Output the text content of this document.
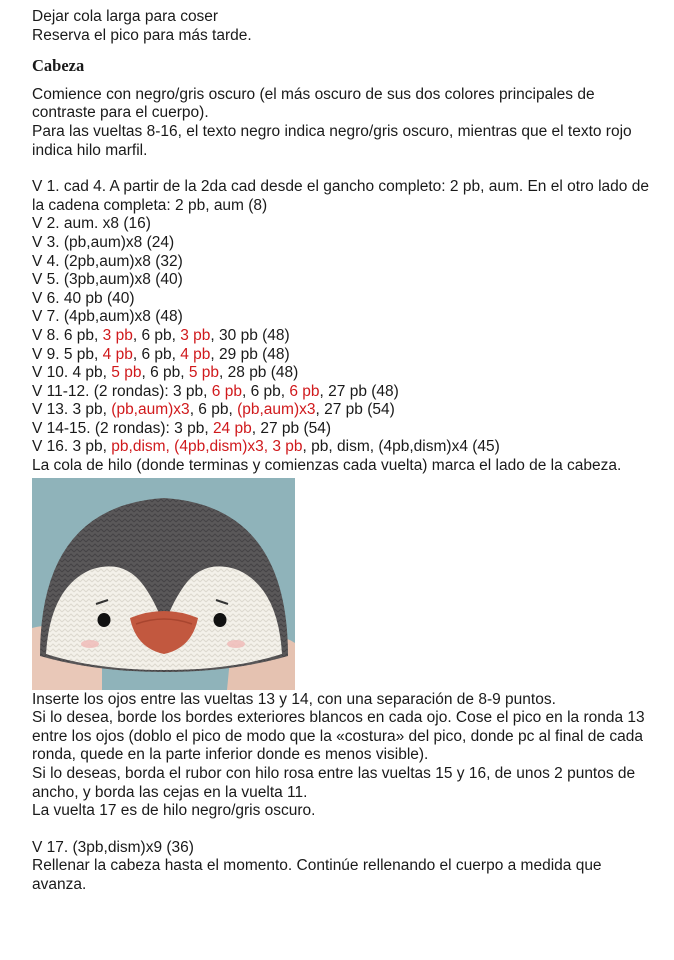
Dejar cola larga para coser
Reserva el pico para más tarde.
Cabeza
Comience con negro/gris oscuro (el más oscuro de sus dos colores principales de contraste para el cuerpo).
Para las vueltas 8-16, el texto negro indica negro/gris oscuro, mientras que el texto rojo indica hilo marfil.
V 1. cad 4. A partir de la 2da cad desde el gancho completo: 2 pb, aum. En el otro lado de la cadena completa: 2 pb, aum (8)
V 2. aum. x8 (16)
V 3. (pb,aum)x8 (24)
V 4. (2pb,aum)x8 (32)
V 5. (3pb,aum)x8 (40)
V 6. 40 pb (40)
V 7. (4pb,aum)x8 (48)
V 8. 6 pb, 3 pb, 6 pb, 3 pb, 30 pb (48)
V 9. 5 pb, 4 pb, 6 pb, 4 pb, 29 pb (48)
V 10. 4 pb, 5 pb, 6 pb, 5 pb, 28 pb (48)
V 11-12. (2 rondas): 3 pb, 6 pb, 6 pb, 6 pb, 27 pb (48)
V 13. 3 pb, (pb,aum)x3, 6 pb, (pb,aum)x3, 27 pb (54)
V 14-15. (2 rondas): 3 pb, 24 pb, 27 pb (54)
V 16. 3 pb, pb,dism, (4pb,dism)x3, 3 pb, pb, dism, (4pb,dism)x4 (45)
La cola de hilo (donde terminas y comienzas cada vuelta) marca el lado de la cabeza.
Inserte los ojos entre las vueltas 13 y 14, con una separación de 8-9 puntos.
Si lo desea, borde los bordes exteriores blancos en cada ojo. Cose el pico en la ronda 13 entre los ojos (doblo el pico de modo que la «costura» del pico, donde pc al final de cada ronda, quede en la parte inferior donde es menos visible).
Si lo deseas, borda el rubor con hilo rosa entre las vueltas 15 y 16, de unos 2 puntos de ancho, y borda las cejas en la vuelta 11.
La vuelta 17 es de hilo negro/gris oscuro.
V 17. (3pb,dism)x9 (36)
Rellenar la cabeza hasta el momento. Continúe rellenando el cuerpo a medida que avanza.
